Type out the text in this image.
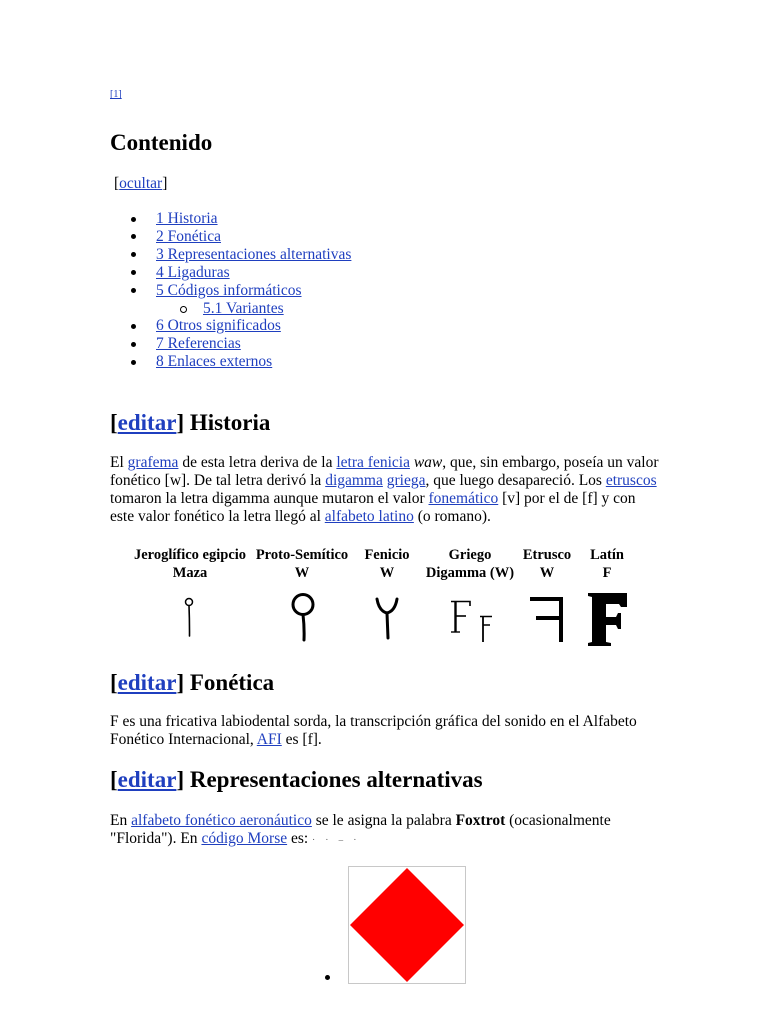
[1]
Contenido
[ocultar]
1 Historia
2 Fonética
3 Representaciones alternativas
4 Ligaduras
5 Códigos informáticos
5.1 Variantes
6 Otros significados
7 Referencias
8 Enlaces externos
[editar] Historia
El grafema de esta letra deriva de la letra fenicia waw, que, sin embargo, poseía un valor
fonético [w]. De tal letra derivó la digamma griega, que luego desapareció. Los etruscos
tomaron la letra digamma aunque mutaron el valor fonemático [v] por el de [f] y con
este valor fonético la letra llegó al alfabeto latino (o romano).
Jeroglífico egipcio
Maza
Proto-Semítico
W
Fenicio
W
Griego
Digamma (W)
Etrusco
W
Latín
F
[editar] Fonética
F es una fricativa labiodental sorda, la transcripción gráfica del sonido en el Alfabeto
Fonético Internacional, AFI es [f].
[editar] Representaciones alternativas
En alfabeto fonético aeronáutico se le asigna la palabra Foxtrot (ocasionalmente
"Florida"). En código Morse es: · · – ·
